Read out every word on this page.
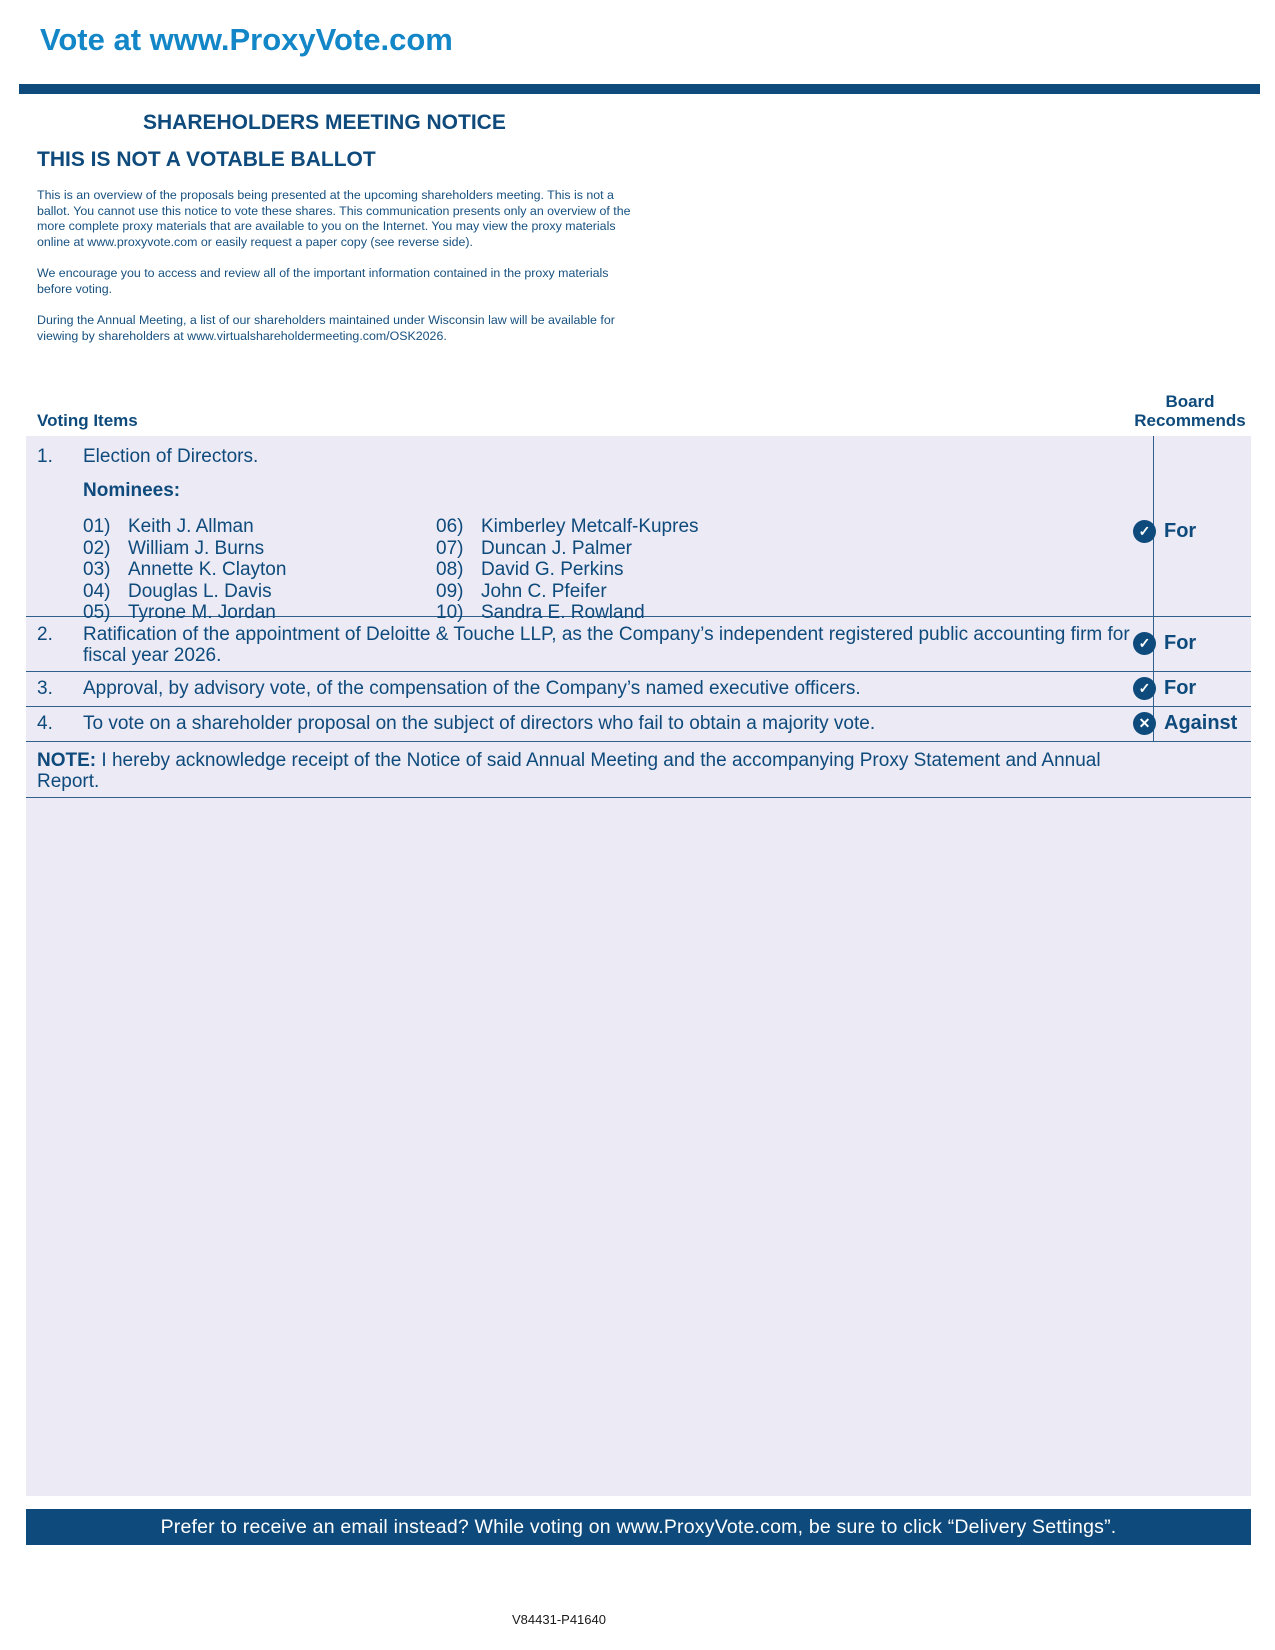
Vote at www.ProxyVote.com
SHAREHOLDERS MEETING NOTICE
THIS IS NOT A VOTABLE BALLOT

This is an overview of the proposals being presented at the upcoming shareholders meeting. This is not a ballot. You cannot use this notice to vote these shares. This communication presents only an overview of the more complete proxy materials that are available to you on the Internet. You may view the proxy materials online at www.proxyvote.com or easily request a paper copy (see reverse side).

We encourage you to access and review all of the important information contained in the proxy materials before voting.

During the Annual Meeting, a list of our shareholders maintained under Wisconsin law will be available for viewing by shareholders at www.virtualshareholdermeeting.com/OSK2026.

Voting Items
Board
Recommends
1. Election of Directors.
Nominees:
01) Keith J. Allman
02) William J. Burns
03) Annette K. Clayton
04) Douglas L. Davis
05) Tyrone M. Jordan
06) Kimberley Metcalf-Kupres
07) Duncan J. Palmer
08) David G. Perkins
09) John C. Pfeifer
10) Sandra E. Rowland
✓ For
2. Ratification of the appointment of Deloitte & Touche LLP, as the Company’s independent registered public accounting firm for fiscal year 2026.
✓ For
3. Approval, by advisory vote, of the compensation of the Company’s named executive officers.	✓ For
4. To vote on a shareholder proposal on the subject of directors who fail to obtain a majority vote.	✕ Against
NOTE: I hereby acknowledge receipt of the Notice of said Annual Meeting and the accompanying Proxy Statement and Annual Report.
Prefer to receive an email instead? While voting on www.ProxyVote.com, be sure to click “Delivery Settings”.
V84431-P41640
